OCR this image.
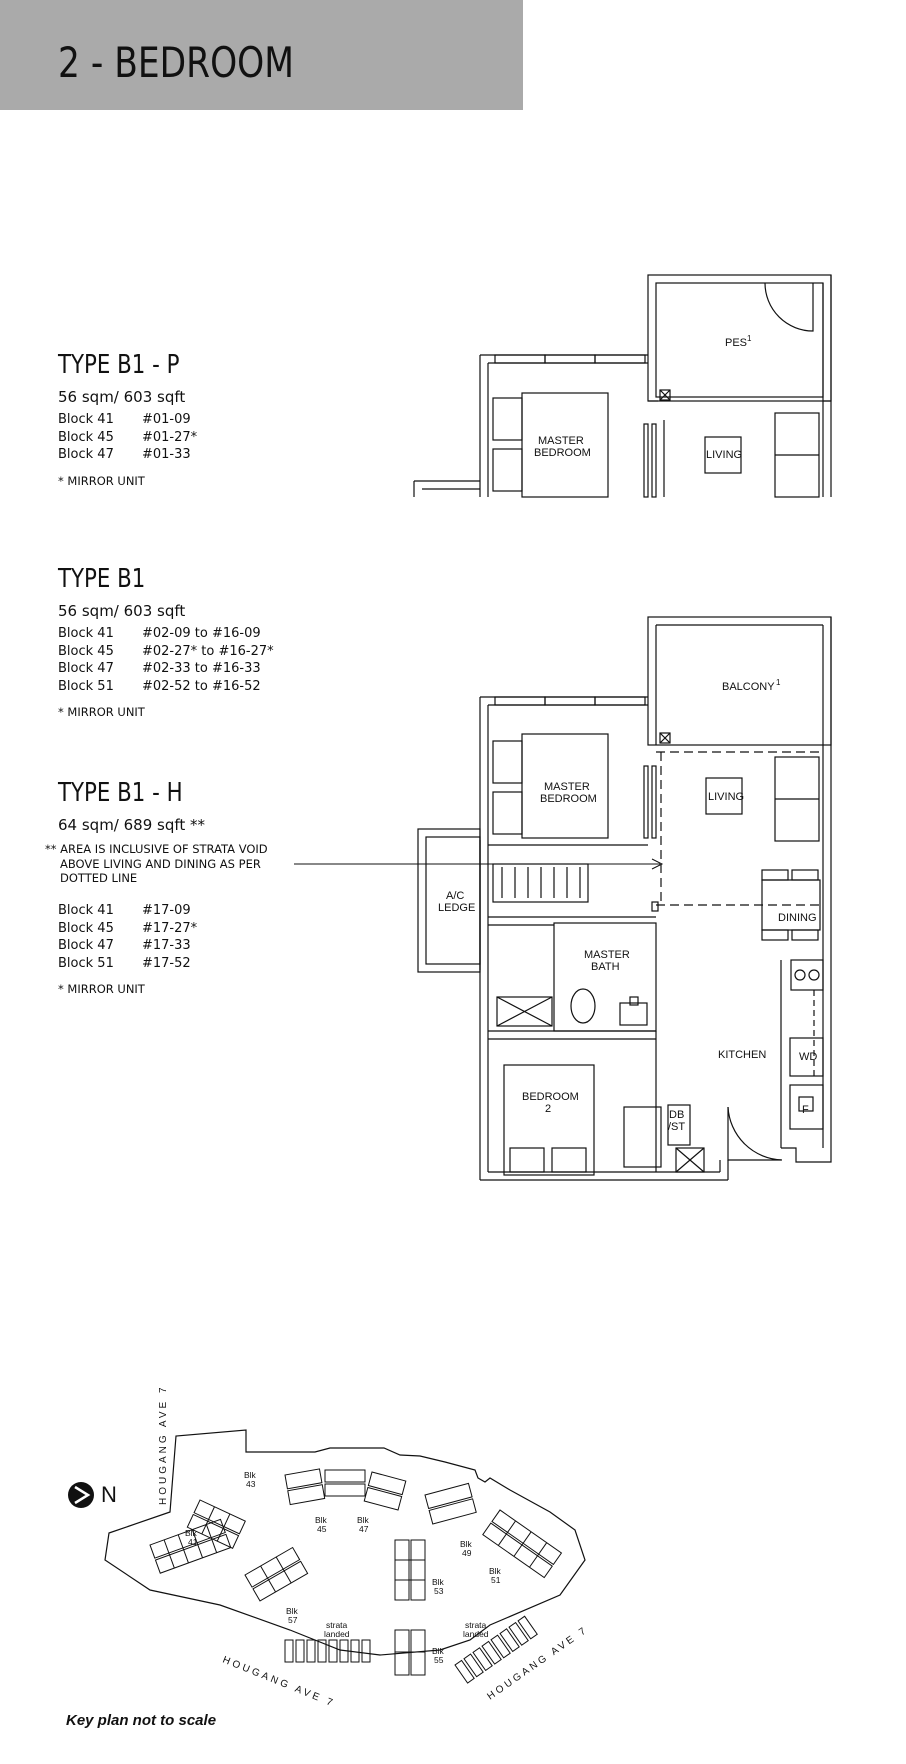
2 - BEDROOM
TYPE B1 - P
56 sqm/ 603 sqft
Block 41 #01-09
Block 45 #01-27*
Block 47 #01-33
* MIRROR UNIT
TYPE B1
56 sqm/ 603 sqft
Block 41 #02-09 to #16-09
Block 45 #02-27* to #16-27*
Block 47 #02-33 to #16-33
Block 51 #02-52 to #16-52
* MIRROR UNIT
TYPE B1 - H
64 sqm/ 689 sqft **
** AREA IS INCLUSIVE OF STRATA VOID
ABOVE LIVING AND DINING AS PER
DOTTED LINE
Block 41 #17-09
Block 45 #17-27*
Block 47 #17-33
Block 51 #17-52
* MIRROR UNIT
PES 1
MASTER
BEDROOM	LIVING
BALCONY 1
MASTER
BEDROOM	LIVING
A/C
LEDGE
DINING
MASTER
BATH
KITCHEN	WD
BEDROOM
2	DB
/ST
F
HOUGANG AVE 7
HOUGANG AVE 7	HOUGANG AVE 7
Blk
41
Blk
43
Blk
45
Blk
47
Blk
49
Blk
51
Blk
53
Blk
55
Blk
57	strata
landed
strata
landed
N
Key plan not to scale
